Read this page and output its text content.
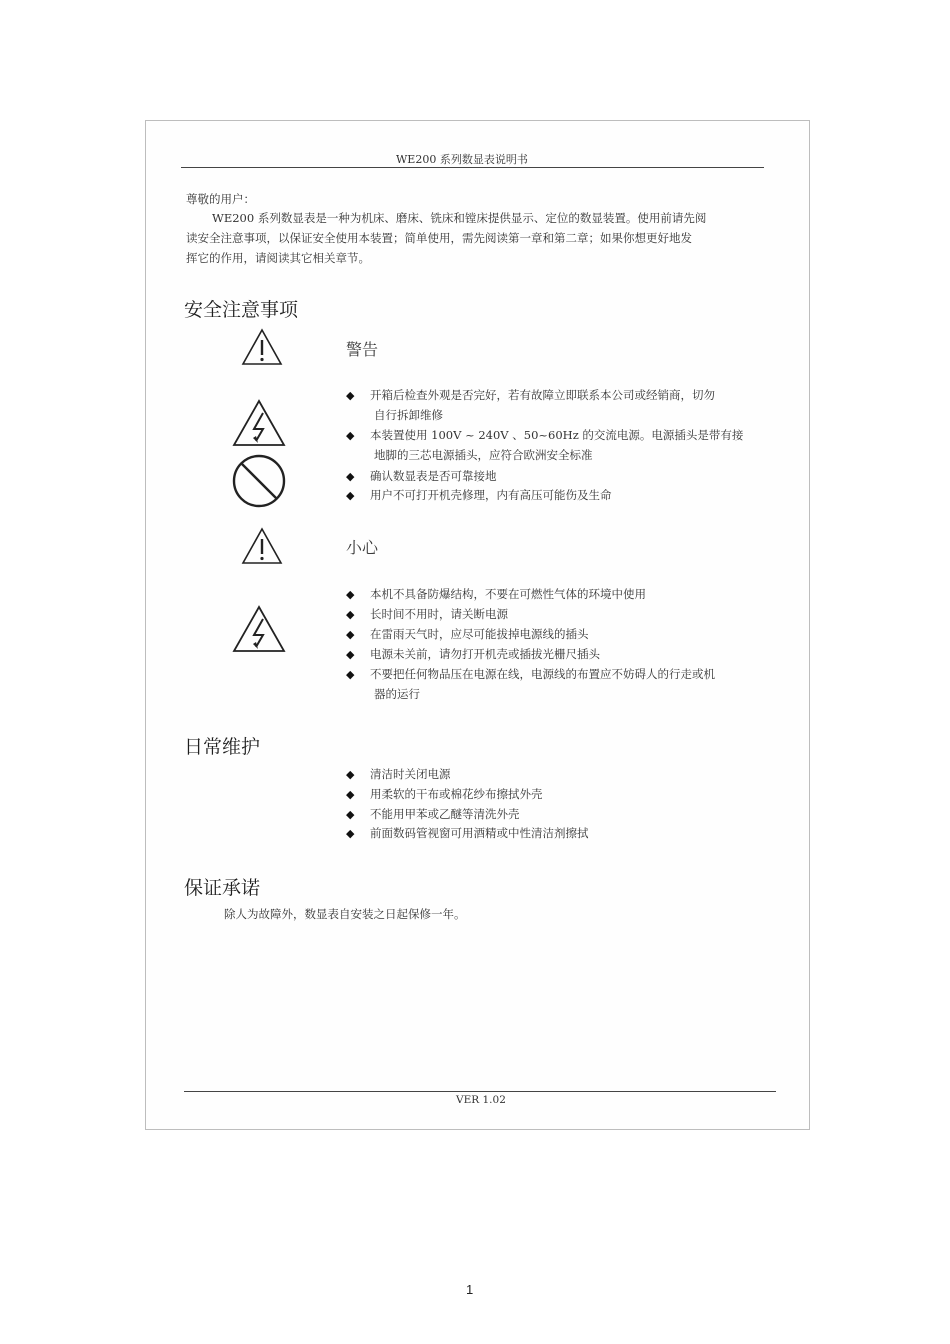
WE200 系列数显表说明书
尊敬的用户：
WE200 系列数显表是一种为机床、磨床、铣床和镗床提供显示、定位的数显装置。使用前请先阅
读安全注意事项，以保证安全使用本装置；简单使用，需先阅读第一章和第二章；如果你想更好地发
挥它的作用，请阅读其它相关章节。
安全注意事项
警告
◆ 开箱后检查外观是否完好，若有故障立即联系本公司或经销商，切勿
自行拆卸维修
◆ 本装置使用 100V ~ 240V 、50~60Hz 的交流电源。电源插头是带有接
地脚的三芯电源插头，应符合欧洲安全标准
◆ 确认数显表是否可靠接地
◆ 用户不可打开机壳修理，内有高压可能伤及生命
小心
◆ 本机不具备防爆结构，不要在可燃性气体的环境中使用
◆ 长时间不用时，请关断电源
◆ 在雷雨天气时，应尽可能拔掉电源线的插头
◆ 电源未关前，请勿打开机壳或插拔光栅尺插头
◆ 不要把任何物品压在电源在线，电源线的布置应不妨碍人的行走或机
器的运行
日常维护
◆ 清洁时关闭电源
◆ 用柔软的干布或棉花纱布擦拭外壳
◆ 不能用甲苯或乙醚等清洗外壳
◆ 前面数码管视窗可用酒精或中性清洁剂擦拭
保证承诺
除人为故障外，数显表自安装之日起保修一年。
VER 1.02
1
